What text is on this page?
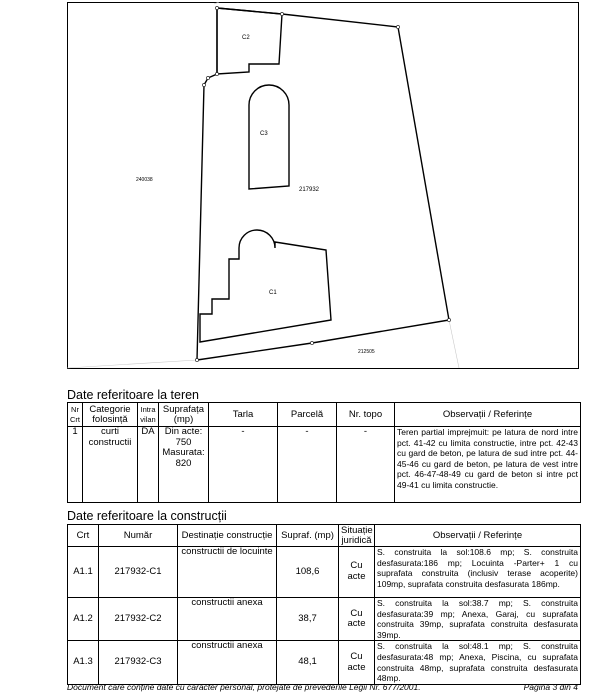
C2
C3
C1
217932
240038
212505
Date referitoare la teren
Nr Crt	Categorie folosință	Intra vilan	Suprafața (mp)	Tarla	Parcelă	Nr. topo	Observații / Referințe
1	curti constructii	DA	Din acte: 750 Masurata: 820	-	-	-	Teren partial imprejmuit: pe latura de nord intre pct. 41-42 cu limita constructie, intre pct. 42-43 cu gard de beton, pe latura de sud intre pct. 44-45-46 cu gard de beton, pe latura de vest intre pct. 46-47-48-49 cu gard de beton si intre pct 49-41 cu limita constructie.
Date referitoare la construcții
Crt	Număr	Destinație construcție	Supraf. (mp)	Situație juridică	Observații / Referințe
A1.1	217932-C1	constructii de locuinte	108,6	Cu acte	S. construita la sol:108.6 mp; S. construita desfasurata:186 mp; Locuinta -Parter+ 1 cu suprafata construita (inclusiv terase acoperite) 109mp, suprafata construita desfasurata 186mp.
A1.2	217932-C2	constructii anexa	38,7	Cu acte	S. construita la sol:38.7 mp; S. construita desfasurata:39 mp; Anexa, Garaj, cu suprafata construita 39mp, suprafata construita desfasurata 39mp.
A1.3	217932-C3	constructii anexa	48,1	Cu acte	S. construita la sol:48.1 mp; S. construita desfasurata:48 mp; Anexa, Piscina, cu suprafata construita 48mp, suprafata construita desfasurata 48mp.
Document care conține date cu caracter personal, protejate de prevederile Legii Nr. 677/2001.	Pagina 3 din 4
